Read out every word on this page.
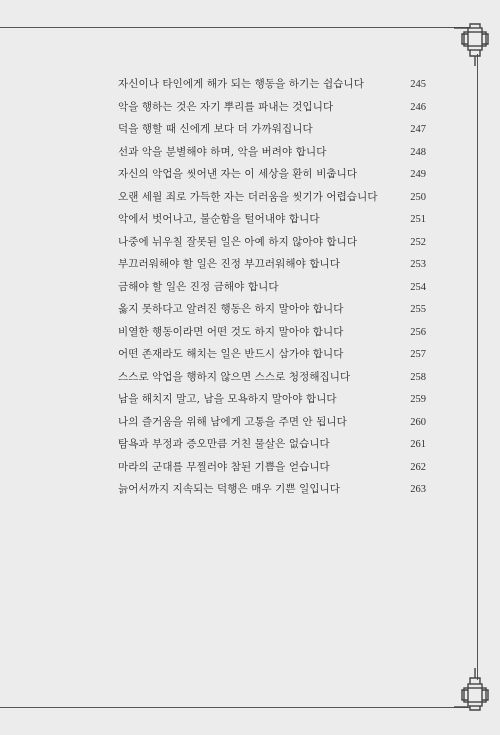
자신이나 타인에게 해가 되는 행동을 하기는 쉽습니다	245
악을 행하는 것은 자기 뿌리를 파내는 것입니다	246
덕을 행할 때 신에게 보다 더 가까워집니다	247
선과 악을 분별해야 하며, 악을 버려야 합니다	248
자신의 악업을 씻어낸 자는 이 세상을 환히 비춥니다	249
오랜 세월 죄로 가득한 자는 더러움을 씻기가 어렵습니다	250
악에서 벗어나고, 불순함을 털어내야 합니다	251
나중에 뉘우칠 잘못된 일은 아예 하지 않아야 합니다	252
부끄러워해야 할 일은 진정 부끄러워해야 합니다	253
금해야 할 일은 진정 금해야 합니다	254
옳지 못하다고 알려진 행동은 하지 말아야 합니다	255
비열한 행동이라면 어떤 것도 하지 말아야 합니다	256
어떤 존재라도 해치는 일은 반드시 삼가야 합니다	257
스스로 악업을 행하지 않으면 스스로 청정해집니다	258
남을 해치지 말고, 남을 모욕하지 말아야 합니다	259
나의 즐거움을 위해 남에게 고통을 주면 안 됩니다	260
탐욕과 부정과 증오만큼 거친 물살은 없습니다	261
마라의 군대를 무찔러야 참된 기쁨을 얻습니다	262
늙어서까지 지속되는 덕행은 매우 기쁜 일입니다	263
